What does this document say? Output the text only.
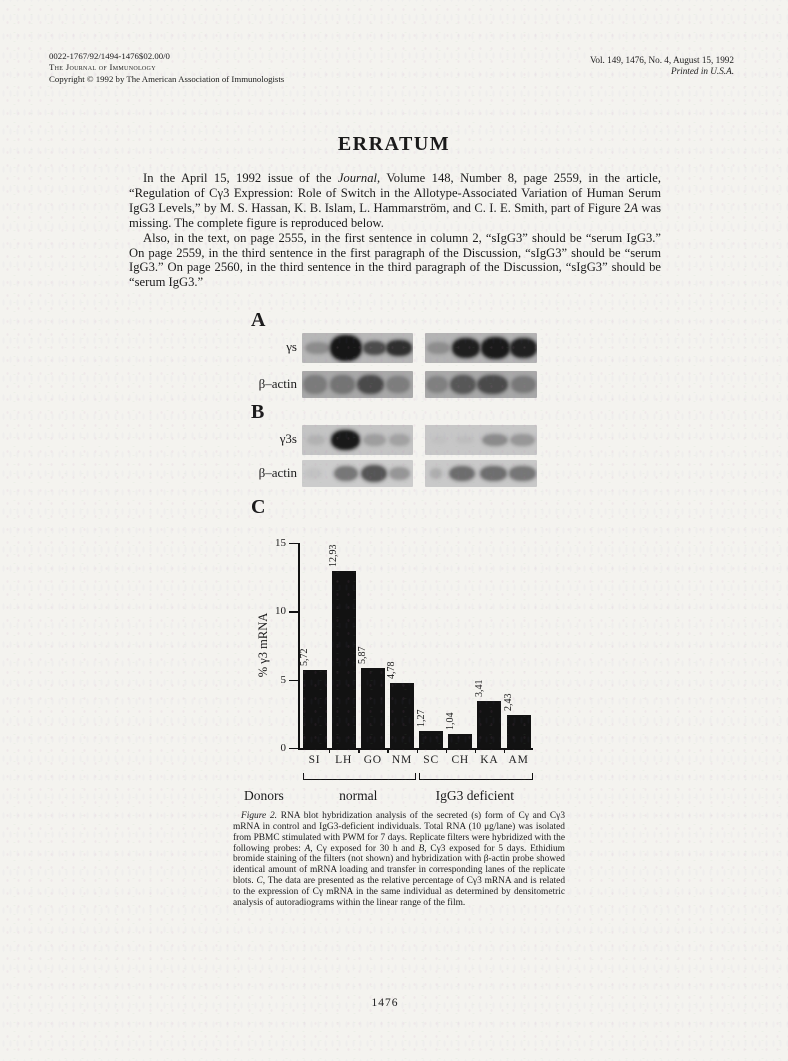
0022-1767/92/1494-1476$02.00/0
The Journal of Immunology
Copyright © 1992 by The American Association of Immunologists
Vol. 149, 1476, No. 4, August 15, 1992
Printed in U.S.A.
ERRATUM

In the April 15, 1992 issue of the Journal, Volume 148, Number 8, page 2559, in the article, “Regulation of Cγ3 Expression: Role of Switch in the Allotype-Associated Variation of Human Serum IgG3 Levels,” by M. S. Hassan, K. B. Islam, L. Hammarström, and C. I. E. Smith, part of Figure 2A was missing. The complete figure is reproduced below.

Also, in the text, on page 2555, in the first sentence in column 2, “sIgG3” should be “serum IgG3.” On page 2559, in the third sentence in the first paragraph of the Discussion, “sIgG3” should be “serum IgG3.” On page 2560, in the third sentence in the third paragraph of the Discussion, “sIgG3” should be “serum IgG3.”

A
B
C
γs
β–actin
γ3s
β–actin
0
5
10
15
% γ3 mRNA	5,72
SI
12,93
LH
5,87
GO
4,78
NM
1,27
SC
1,04
CH
3,41
KA
2,43
AM
normal	IgG3 deficient
Donors

Figure 2. RNA blot hybridization analysis of the secreted (s) form of Cγ and Cγ3 mRNA in control and IgG3-deficient individuals. Total RNA (10 μg/lane) was isolated from PBMC stimulated with PWM for 7 days. Replicate filters were hybridized with the following probes: A, Cγ exposed for 30 h and B, Cγ3 exposed for 5 days. Ethidium bromide staining of the filters (not shown) and hybridization with β-actin probe showed identical amount of mRNA loading and transfer in corresponding lanes of the replicate blots. C, The data are presented as the relative percentage of Cγ3 mRNA and is related to the expression of Cγ mRNA in the same individual as determined by densitometric analysis of autoradiograms within the linear range of the film.

1476
